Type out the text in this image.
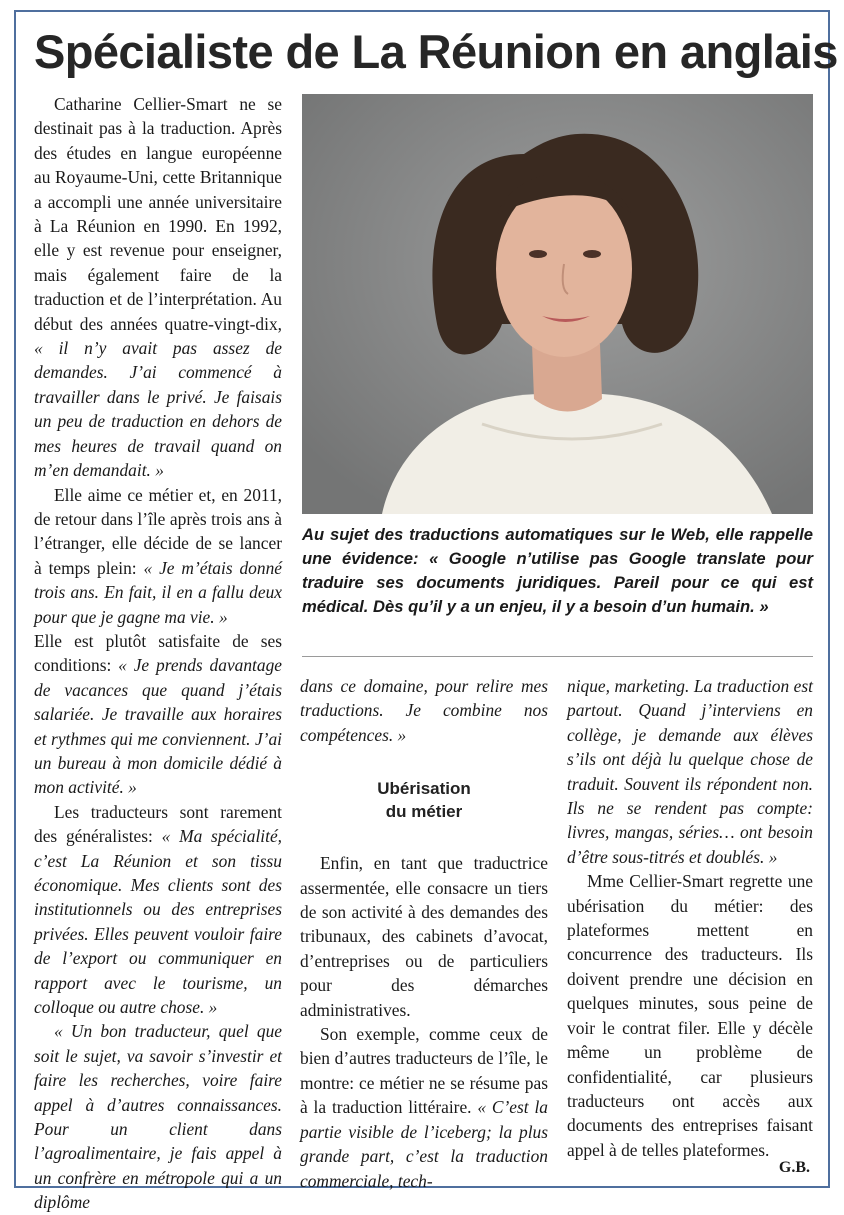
Spécialiste de La Réunion en anglais

Catharine Cellier-Smart ne se destinait pas à la traduction. Après des études en langue européenne au Royaume-Uni, cette Britannique a accompli une année universitaire à La Réunion en 1990. En 1992, elle y est revenue pour enseigner, mais également faire de la traduction et de l’interprétation. Au début des années quatre-vingt-dix, « il n’y avait pas assez de demandes. J’ai commencé à travailler dans le privé. Je faisais un peu de traduction en dehors de mes heures de travail quand on m’en demandait. »

Elle aime ce métier et, en 2011, de retour dans l’île après trois ans à l’étranger, elle décide de se lancer à temps plein: « Je m’étais donné trois ans. En fait, il en a fallu deux pour que je gagne ma vie. »

Elle est plutôt satisfaite de ses conditions: « Je prends davantage de vacances que quand j’étais salariée. Je travaille aux horaires et rythmes qui me conviennent. J’ai un bureau à mon domicile dédié à mon activité. »

Les traducteurs sont rarement des généralistes: « Ma spécialité, c’est La Réunion et son tissu économique. Mes clients sont des institutionnels ou des entreprises privées. Elles peuvent vouloir faire de l’export ou communiquer en rapport avec le tourisme, un colloque ou autre chose. »

« Un bon traducteur, quel que soit le sujet, va savoir s’investir et faire les recherches, voire faire appel à d’autres connaissances. Pour un client dans l’agroalimentaire, je fais appel à un confrère en métropole qui a un diplôme

Au sujet des traductions automatiques sur le Web, elle rappelle une évidence: « Google n’utilise pas Google translate pour traduire ses documents juridiques. Pareil pour ce qui est médical. Dès qu’il y a un enjeu, il y a besoin d’un humain. »

dans ce domaine, pour relire mes traductions. Je combine nos compétences. »

Ubérisation
du métier

Enfin, en tant que traductrice assermentée, elle consacre un tiers de son activité à des demandes des tribunaux, des cabinets d’avocat, d’entreprises ou de particuliers pour des démarches administratives.

Son exemple, comme ceux de bien d’autres traducteurs de l’île, le montre: ce métier ne se résume pas à la traduction littéraire. « C’est la partie visible de l’iceberg; la plus grande part, c’est la traduction commerciale, tech-

nique, marketing. La traduction est partout. Quand j’interviens en collège, je demande aux élèves s’ils ont déjà lu quelque chose de traduit. Souvent ils répondent non. Ils ne se rendent pas compte: livres, mangas, séries… ont besoin d’être sous-titrés et doublés. »

Mme Cellier-Smart regrette une ubérisation du métier: des plateformes mettent en concurrence des traducteurs. Ils doivent prendre une décision en quelques minutes, sous peine de voir le contrat filer. Elle y décèle même un problème de confidentialité, car plusieurs traducteurs ont accès aux documents des entreprises faisant appel à de telles plateformes.

G.B.
